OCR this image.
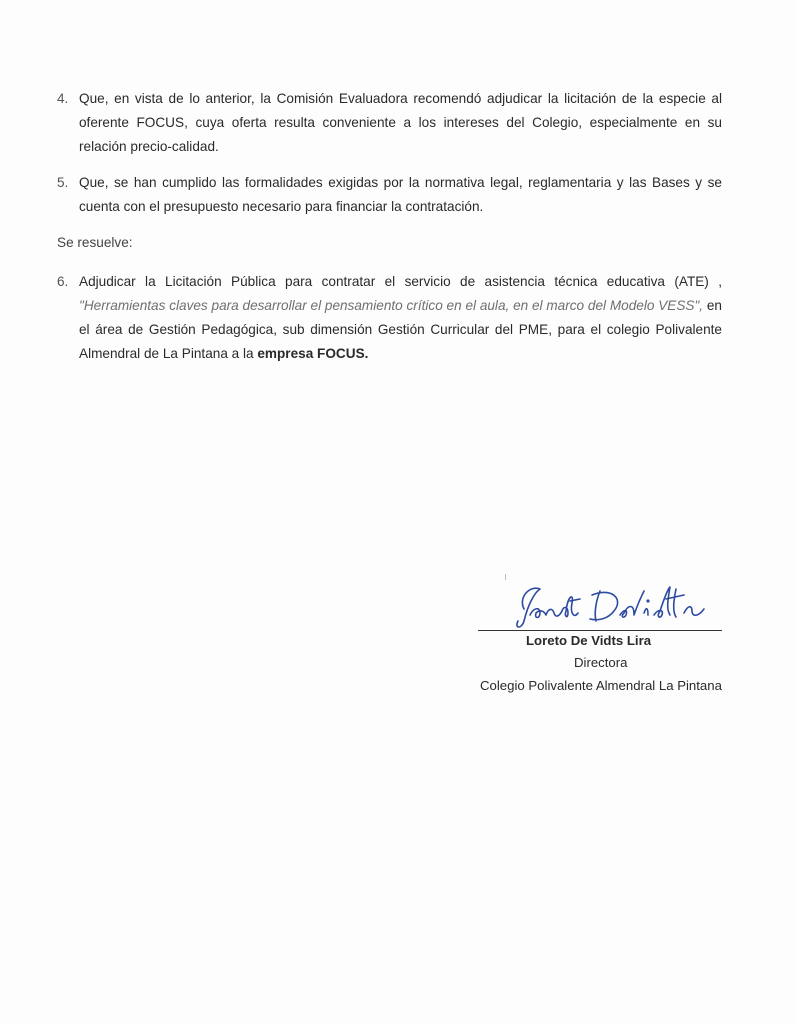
4. Que, en vista de lo anterior, la Comisión Evaluadora recomendó adjudicar la licitación de la especie al oferente FOCUS, cuya oferta resulta conveniente a los intereses del Colegio, especialmente en su relación precio-calidad.
5. Que, se han cumplido las formalidades exigidas por la normativa legal, reglamentaria y las Bases y se cuenta con el presupuesto necesario para financiar la contratación.
Se resuelve:
6. Adjudicar la Licitación Pública para contratar el servicio de asistencia técnica educativa (ATE) , "Herramientas claves para desarrollar el pensamiento crítico en el aula, en el marco del Modelo VESS", en el área de Gestión Pedagógica, sub dimensión Gestión Curricular del PME, para el colegio Polivalente Almendral de La Pintana a la empresa FOCUS.
Loreto De Vidts Lira
Directora
Colegio Polivalente Almendral La Pintana
